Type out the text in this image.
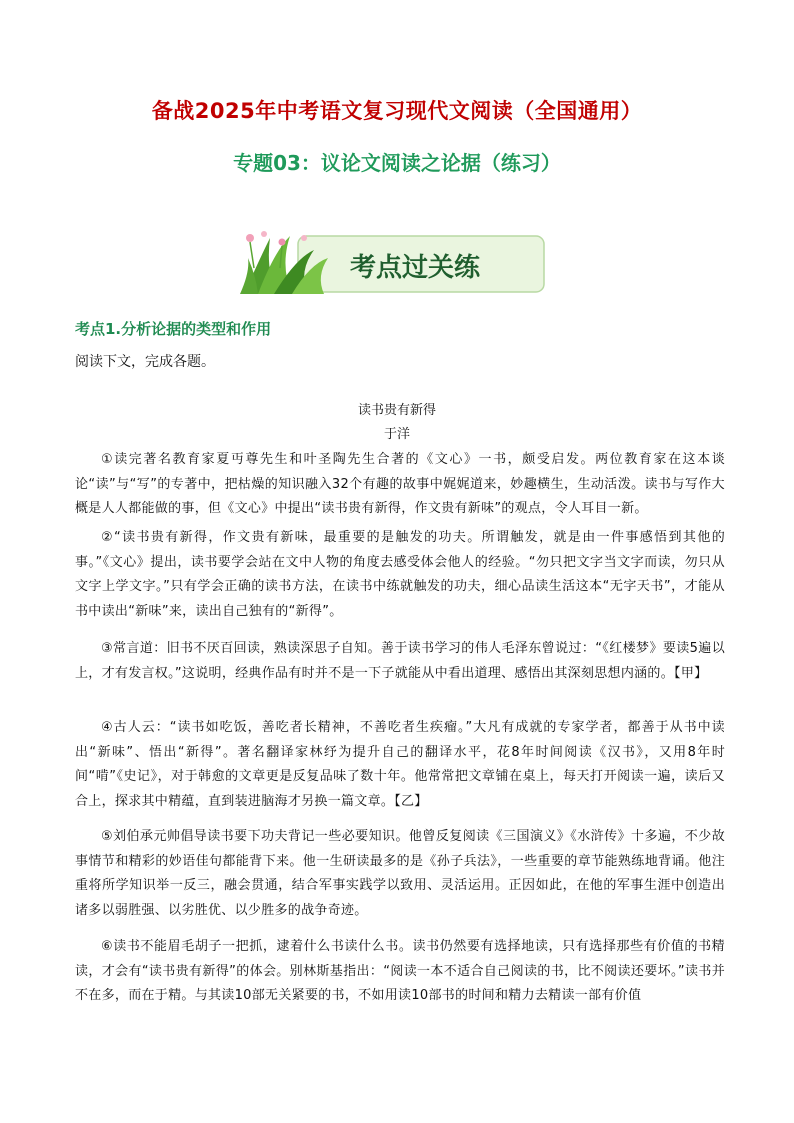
备战2025年中考语文复习现代文阅读（全国通用）
专题03：议论文阅读之论据（练习）
考点过关练
考点1.分析论据的类型和作用
阅读下文，完成各题。
读书贵有新得
于洋

①读完著名教育家夏丏尊先生和叶圣陶先生合著的《文心》一书，颇受启发。两位教育家在这本谈论“读”与“写”的专著中，把枯燥的知识融入32个有趣的故事中娓娓道来，妙趣横生，生动活泼。读书与写作大概是人人都能做的事，但《文心》中提出“读书贵有新得，作文贵有新味”的观点，令人耳目一新。

②“读书贵有新得，作文贵有新味，最重要的是触发的功夫。所谓触发，就是由一件事感悟到其他的事。”《文心》提出，读书要学会站在文中人物的角度去感受体会他人的经验。“勿只把文字当文字而读，勿只从文字上学文字。”只有学会正确的读书方法，在读书中练就触发的功夫，细心品读生活这本“无字天书”，才能从书中读出“新味”来，读出自己独有的“新得”。

③常言道：旧书不厌百回读，熟读深思子自知。善于读书学习的伟人毛泽东曾说过：“《红楼梦》要读5遍以上，才有发言权。”这说明，经典作品有时并不是一下子就能从中看出道理、感悟出其深刻思想内涵的。【甲】

④古人云：“读书如吃饭，善吃者长精神，不善吃者生疾瘤。”大凡有成就的专家学者，都善于从书中读出“新味”、悟出“新得”。著名翻译家林纾为提升自己的翻译水平，花8年时间阅读《汉书》，又用8年时间“啃”《史记》，对于韩愈的文章更是反复品味了数十年。他常常把文章铺在桌上，每天打开阅读一遍，读后又合上，探求其中精蕴，直到装进脑海才另换一篇文章。【乙】

⑤刘伯承元帅倡导读书要下功夫背记一些必要知识。他曾反复阅读《三国演义》《水浒传》十多遍，不少故事情节和精彩的妙语佳句都能背下来。他一生研读最多的是《孙子兵法》，一些重要的章节能熟练地背诵。他注重将所学知识举一反三，融会贯通，结合军事实践学以致用、灵活运用。正因如此，在他的军事生涯中创造出诸多以弱胜强、以劣胜优、以少胜多的战争奇迹。

⑥读书不能眉毛胡子一把抓，逮着什么书读什么书。读书仍然要有选择地读，只有选择那些有价值的书精读，才会有“读书贵有新得”的体会。别林斯基指出：“阅读一本不适合自己阅读的书，比不阅读还要坏。”读书并不在多，而在于精。与其读10部无关紧要的书，不如用读10部书的时间和精力去精读一部有价值
